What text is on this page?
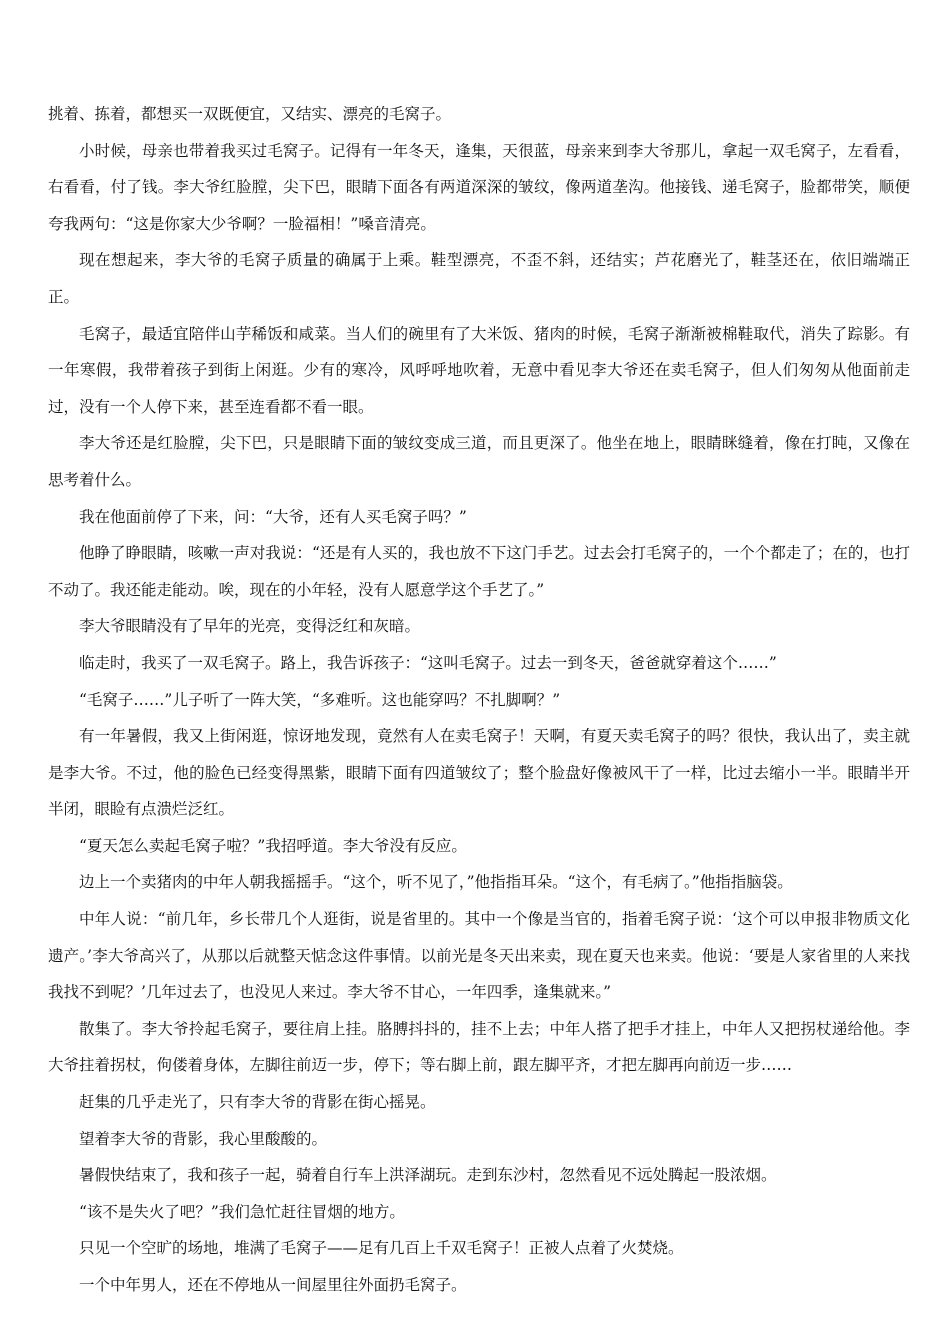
挑着、拣着，都想买一双既便宜，又结实、漂亮的毛窝子。

小时候，母亲也带着我买过毛窝子。记得有一年冬天，逢集，天很蓝，母亲来到李大爷那儿，拿起一双毛窝子，左看看，右看看，付了钱。李大爷红脸膛，尖下巴，眼睛下面各有两道深深的皱纹，像两道垄沟。他接钱、递毛窝子，脸都带笑，顺便夸我两句：“这是你家大少爷啊？一脸福相！”嗓音清亮。

现在想起来，李大爷的毛窝子质量的确属于上乘。鞋型漂亮，不歪不斜，还结实；芦花磨光了，鞋茎还在，依旧端端正正。

毛窝子，最适宜陪伴山芋稀饭和咸菜。当人们的碗里有了大米饭、猪肉的时候，毛窝子渐渐被棉鞋取代，消失了踪影。有一年寒假，我带着孩子到街上闲逛。少有的寒冷，风呼呼地吹着，无意中看见李大爷还在卖毛窝子，但人们匆匆从他面前走过，没有一个人停下来，甚至连看都不看一眼。

李大爷还是红脸膛，尖下巴，只是眼睛下面的皱纹变成三道，而且更深了。他坐在地上，眼睛眯缝着，像在打盹，又像在思考着什么。

我在他面前停了下来，问：“大爷，还有人买毛窝子吗？”

他睁了睁眼睛，咳嗽一声对我说：“还是有人买的，我也放不下这门手艺。过去会打毛窝子的，一个个都走了；在的，也打不动了。我还能走能动。唉，现在的小年轻，没有人愿意学这个手艺了。”

李大爷眼睛没有了早年的光亮，变得泛红和灰暗。

临走时，我买了一双毛窝子。路上，我告诉孩子：“这叫毛窝子。过去一到冬天，爸爸就穿着这个……”

“毛窝子……”儿子听了一阵大笑，“多难听。这也能穿吗？不扎脚啊？”

有一年暑假，我又上街闲逛，惊讶地发现，竟然有人在卖毛窝子！天啊，有夏天卖毛窝子的吗？很快，我认出了，卖主就是李大爷。不过，他的脸色已经变得黑紫，眼睛下面有四道皱纹了；整个脸盘好像被风干了一样，比过去缩小一半。眼睛半开半闭，眼睑有点溃烂泛红。

“夏天怎么卖起毛窝子啦？”我招呼道。李大爷没有反应。

边上一个卖猪肉的中年人朝我摇摇手。“这个，听不见了，”他指指耳朵。“这个，有毛病了。”他指指脑袋。

中年人说：“前几年，乡长带几个人逛街，说是省里的。其中一个像是当官的，指着毛窝子说：‘这个可以申报非物质文化遗产。’李大爷高兴了，从那以后就整天惦念这件事情。以前光是冬天出来卖，现在夏天也来卖。他说：‘要是人家省里的人来找我找不到呢？’几年过去了，也没见人来过。李大爷不甘心，一年四季，逢集就来。”

散集了。李大爷拎起毛窝子，要往肩上挂。胳膊抖抖的，挂不上去；中年人搭了把手才挂上，中年人又把拐杖递给他。李大爷拄着拐杖，佝偻着身体，左脚往前迈一步，停下；等右脚上前，跟左脚平齐，才把左脚再向前迈一步……

赶集的几乎走光了，只有李大爷的背影在街心摇晃。

望着李大爷的背影，我心里酸酸的。

暑假快结束了，我和孩子一起，骑着自行车上洪泽湖玩。走到东沙村，忽然看见不远处腾起一股浓烟。

“该不是失火了吧？”我们急忙赶往冒烟的地方。

只见一个空旷的场地，堆满了毛窝子——足有几百上千双毛窝子！正被人点着了火焚烧。

一个中年男人，还在不停地从一间屋里往外面扔毛窝子。
